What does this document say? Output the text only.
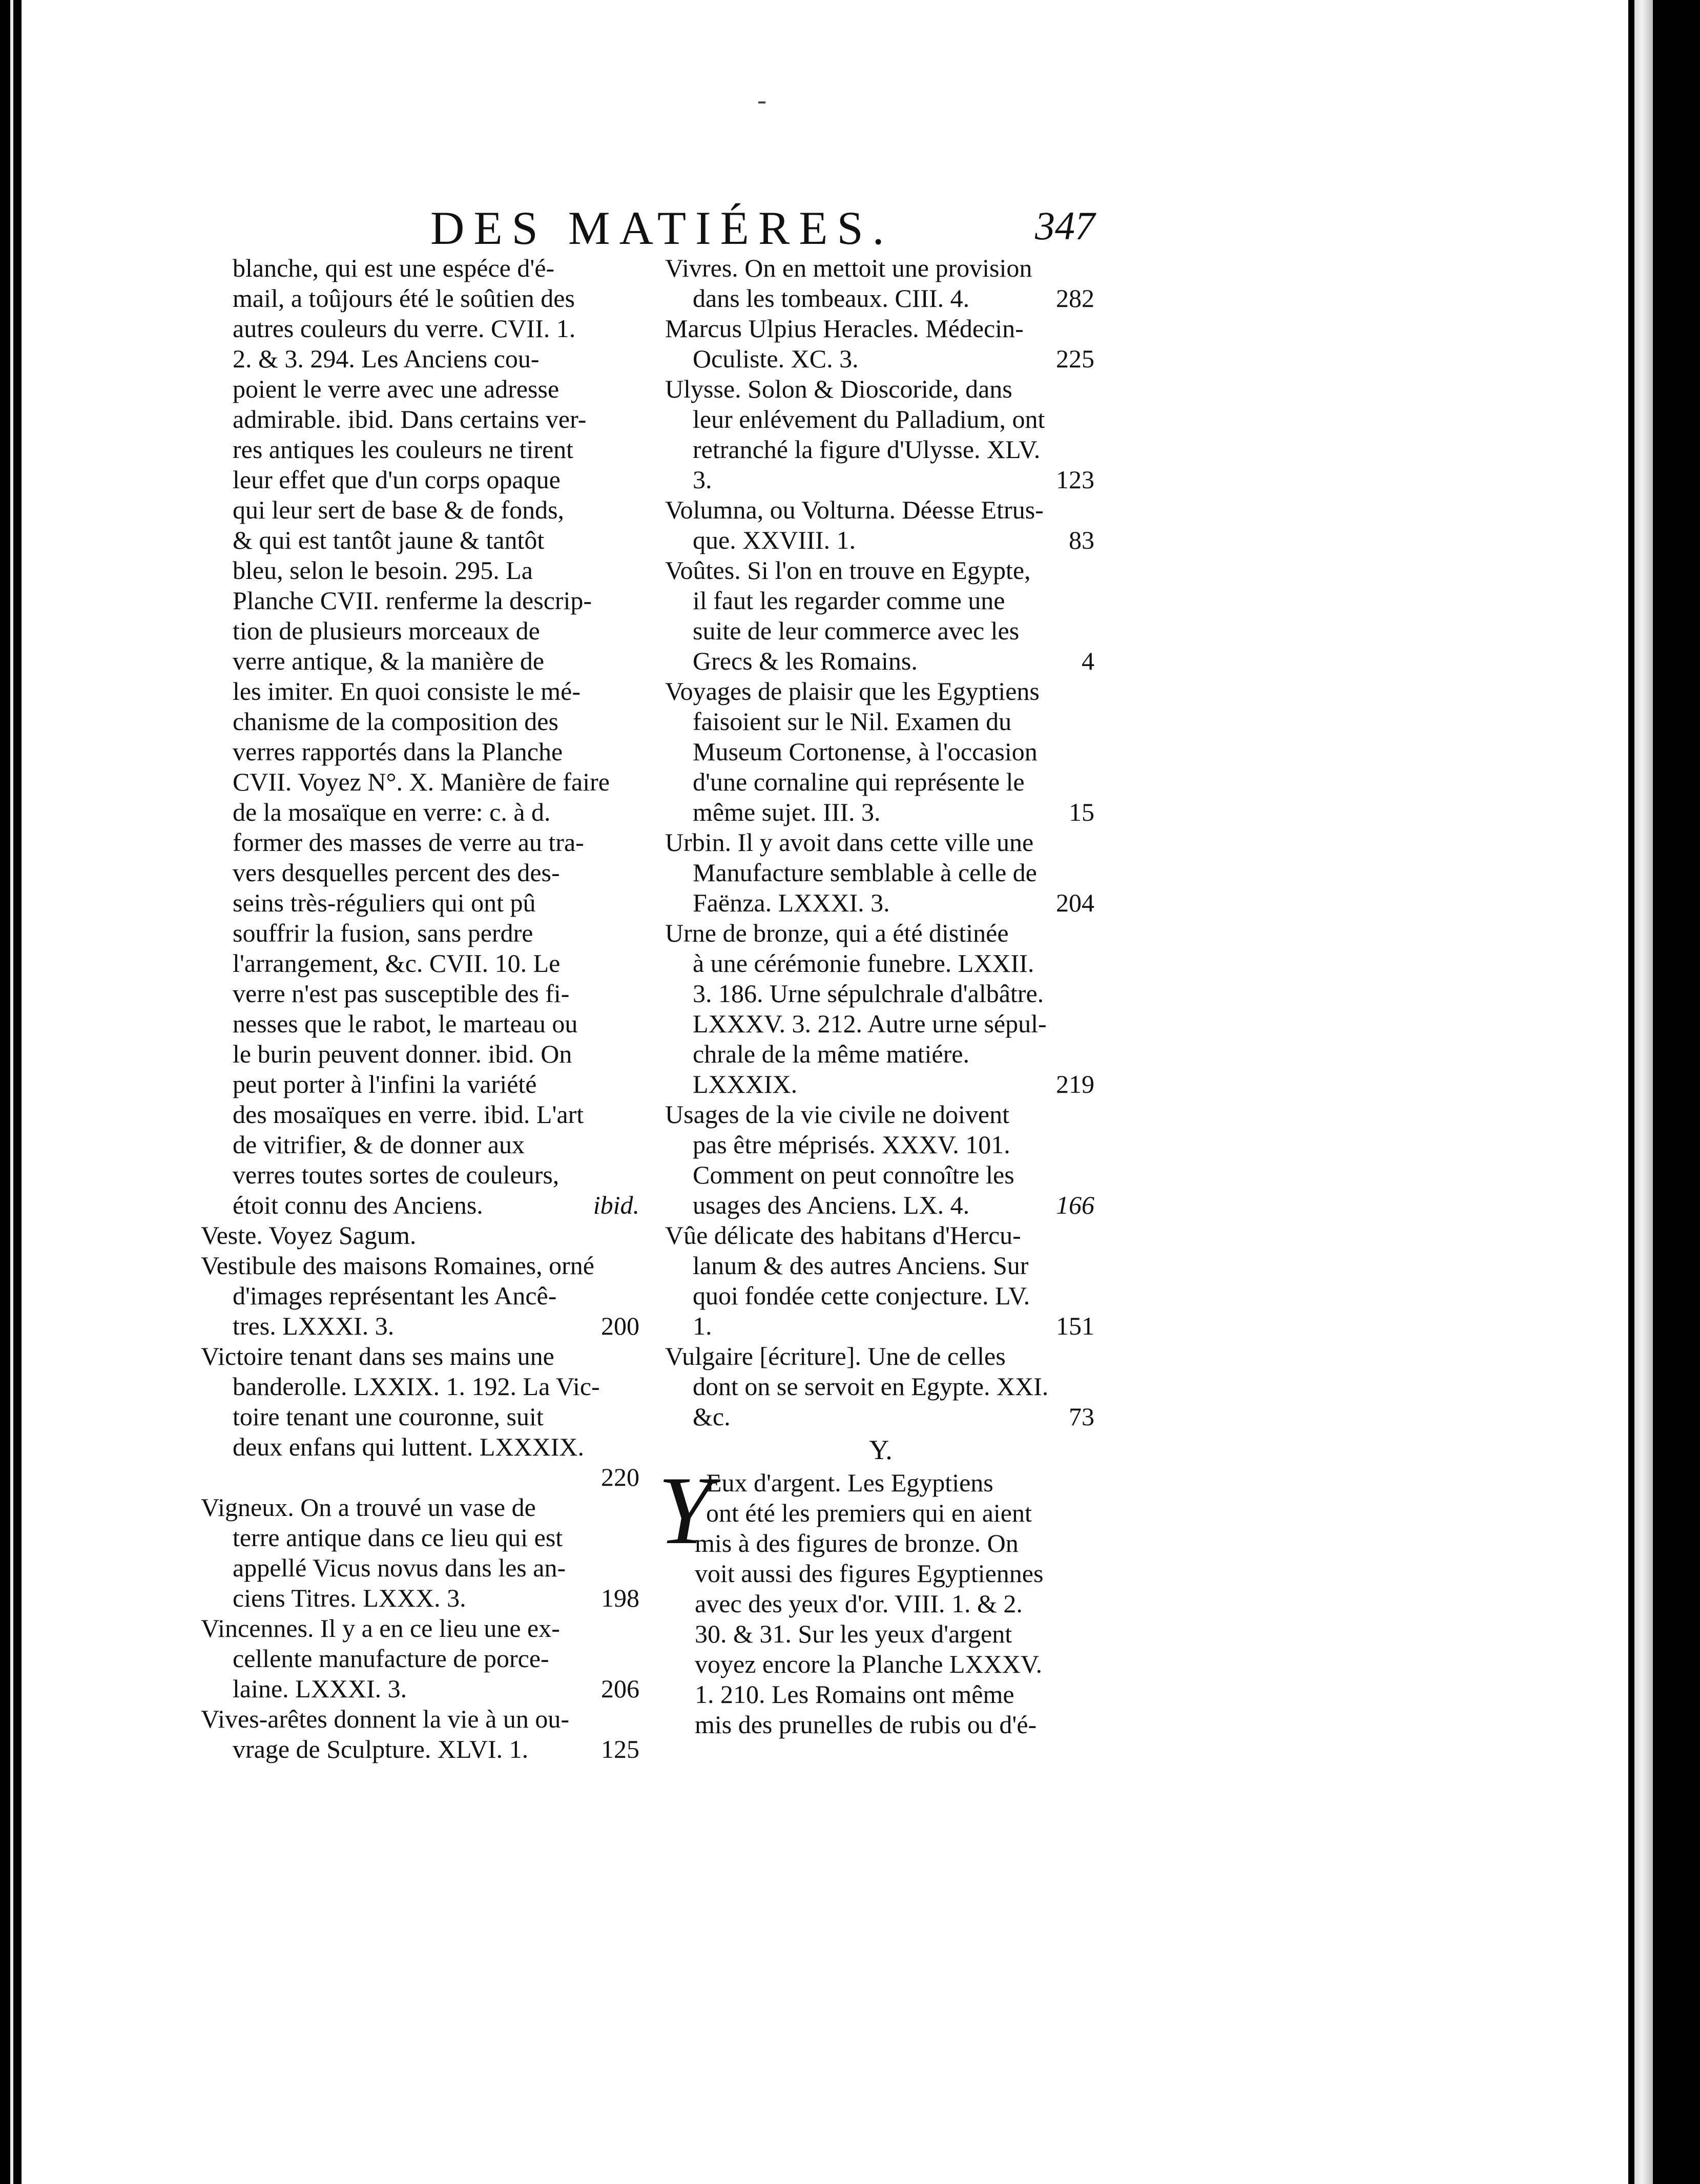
DES MATIÉRES.	347
blanche, qui est une espéce d'é-
mail, a toûjours été le soûtien des
autres couleurs du verre. CVII. 1.
2. & 3. 294. Les Anciens cou-
poient le verre avec une adresse
admirable. ibid. Dans certains ver-
res antiques les couleurs ne tirent
leur effet que d'un corps opaque
qui leur sert de base & de fonds,
& qui est tantôt jaune & tantôt
bleu, selon le besoin. 295. La
Planche CVII. renferme la descrip-
tion de plusieurs morceaux de
verre antique, & la manière de
les imiter. En quoi consiste le mé-
chanisme de la composition des
verres rapportés dans la Planche
CVII. Voyez N°. X. Manière de faire
de la mosaïque en verre: c. à d.
former des masses de verre au tra-
vers desquelles percent des des-
seins très-réguliers qui ont pû
souffrir la fusion, sans perdre
l'arrangement, &c. CVII. 10. Le
verre n'est pas susceptible des fi-
nesses que le rabot, le marteau ou
le burin peuvent donner. ibid. On
peut porter à l'infini la variété
des mosaïques en verre. ibid. L'art
de vitrifier, & de donner aux
verres toutes sortes de couleurs,
étoit connu des Anciens.	ibid.
Veste. Voyez Sagum.
Vestibule des maisons Romaines, orné
d'images représentant les Ancê-
tres. LXXXI. 3.	200
Victoire tenant dans ses mains une
banderolle. LXXIX. 1. 192. La Vic-
toire tenant une couronne, suit
deux enfans qui luttent. LXXXIX.
220
Vigneux. On a trouvé un vase de
terre antique dans ce lieu qui est
appellé Vicus novus dans les an-
ciens Titres. LXXX. 3.	198
Vincennes. Il y a en ce lieu une ex-
cellente manufacture de porce-
laine. LXXXI. 3.	206
Vives-arêtes donnent la vie à un ou-
vrage de Sculpture. XLVI. 1.	125
Vivres. On en mettoit une provision
dans les tombeaux. CIII. 4.	282
Marcus Ulpius Heracles. Médecin-
Oculiste. XC. 3.	225
Ulysse. Solon & Dioscoride, dans
leur enlévement du Palladium, ont
retranché la figure d'Ulysse. XLV.
3.	123
Volumna, ou Volturna. Déesse Etrus-
que. XXVIII. 1.	83
Voûtes. Si l'on en trouve en Egypte,
il faut les regarder comme une
suite de leur commerce avec les
Grecs & les Romains.	4
Voyages de plaisir que les Egyptiens
faisoient sur le Nil. Examen du
Museum Cortonense, à l'occasion
d'une cornaline qui représente le
même sujet. III. 3.	15
Urbin. Il y avoit dans cette ville une
Manufacture semblable à celle de
Faënza. LXXXI. 3.	204
Urne de bronze, qui a été distinée
à une cérémonie funebre. LXXII.
3. 186. Urne sépulchrale d'albâtre.
LXXXV. 3. 212. Autre urne sépul-
chrale de la même matiére.
LXXXIX.	219
Usages de la vie civile ne doivent
pas être méprisés. XXXV. 101.
Comment on peut connoître les
usages des Anciens. LX. 4.	166
Vûe délicate des habitans d'Hercu-
lanum & des autres Anciens. Sur
quoi fondée cette conjecture. LV.
1.	151
Vulgaire [écriture]. Une de celles
dont on se servoit en Egypte. XXI.
&c.	73
Y.
Y
Eux d'argent. Les Egyptiens
ont été les premiers qui en aient
mis à des figures de bronze. On
voit aussi des figures Egyptiennes
avec des yeux d'or. VIII. 1. & 2.
30. & 31. Sur les yeux d'argent
voyez encore la Planche LXXXV.
1. 210. Les Romains ont même
mis des prunelles de rubis ou d'é-
